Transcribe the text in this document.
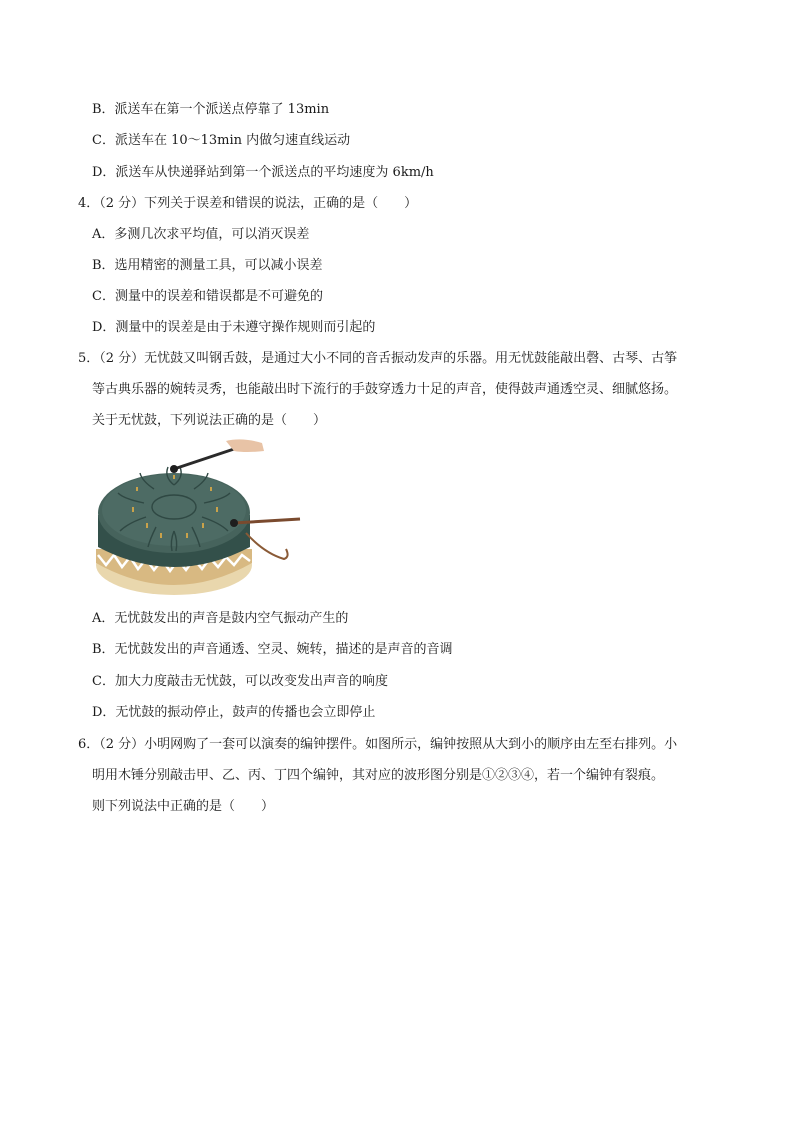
B．派送车在第一个派送点停靠了 13min
C．派送车在 10～13min 内做匀速直线运动
D．派送车从快递驿站到第一个派送点的平均速度为 6km/h
4．（2 分）下列关于误差和错误的说法，正确的是（　　）
A．多测几次求平均值，可以消灭误差
B．选用精密的测量工具，可以减小误差
C．测量中的误差和错误都是不可避免的
D．测量中的误差是由于未遵守操作规则而引起的
5．（2 分）无忧鼓又叫钢舌鼓，是通过大小不同的音舌振动发声的乐器。用无忧鼓能敲出磬、古琴、古筝
等古典乐器的婉转灵秀，也能敲出时下流行的手鼓穿透力十足的声音，使得鼓声通透空灵、细腻悠扬。
关于无忧鼓，下列说法正确的是（　　）
A．无忧鼓发出的声音是鼓内空气振动产生的
B．无忧鼓发出的声音通透、空灵、婉转，描述的是声音的音调
C．加大力度敲击无忧鼓，可以改变发出声音的响度
D．无忧鼓的振动停止，鼓声的传播也会立即停止
6．（2 分）小明网购了一套可以演奏的编钟摆件。如图所示，编钟按照从大到小的顺序由左至右排列。小
明用木锤分别敲击甲、乙、丙、丁四个编钟，其对应的波形图分别是①②③④，若一个编钟有裂痕。
则下列说法中正确的是（　　）
